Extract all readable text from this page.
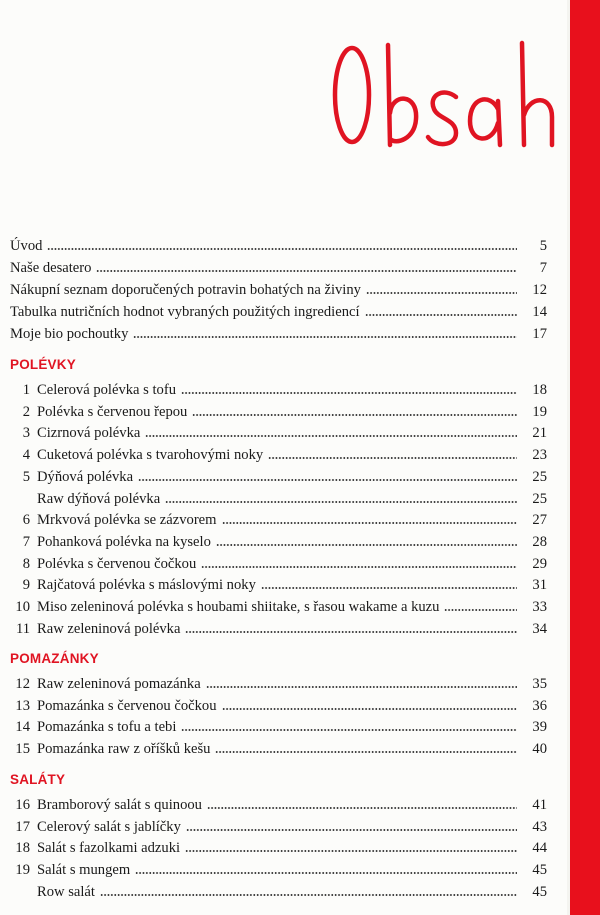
Úvod	5
Naše desatero	7
Nákupní seznam doporučených potravin bohatých na živiny	12
Tabulka nutričních hodnot vybraných použitých ingrediencí	14
Moje bio pochoutky	17
POLÉVKY
1 Celerová polévka s tofu	18
2 Polévka s červenou řepou	19
3 Cizrnová polévka	21
4 Cuketová polévka s tvarohovými noky	23
5 Dýňová polévka	25
Raw dýňová polévka	25
6 Mrkvová polévka se zázvorem	27
7 Pohanková polévka na kyselo	28
8 Polévka s červenou čočkou	29
9 Rajčatová polévka s máslovými noky	31
10 Miso zeleninová polévka s houbami shiitake, s řasou wakame a kuzu	33
11 Raw zeleninová polévka	34
POMAZÁNKY
12 Raw zeleninová pomazánka	35
13 Pomazánka s červenou čočkou	36
14 Pomazánka s tofu a tebi	39
15 Pomazánka raw z oříšků kešu	40
SALÁTY
16 Bramborový salát s quinoou	41
17 Celerový salát s jablíčky	43
18 Salát s fazolkami adzuki	44
19 Salát s mungem	45
Row salát	45
